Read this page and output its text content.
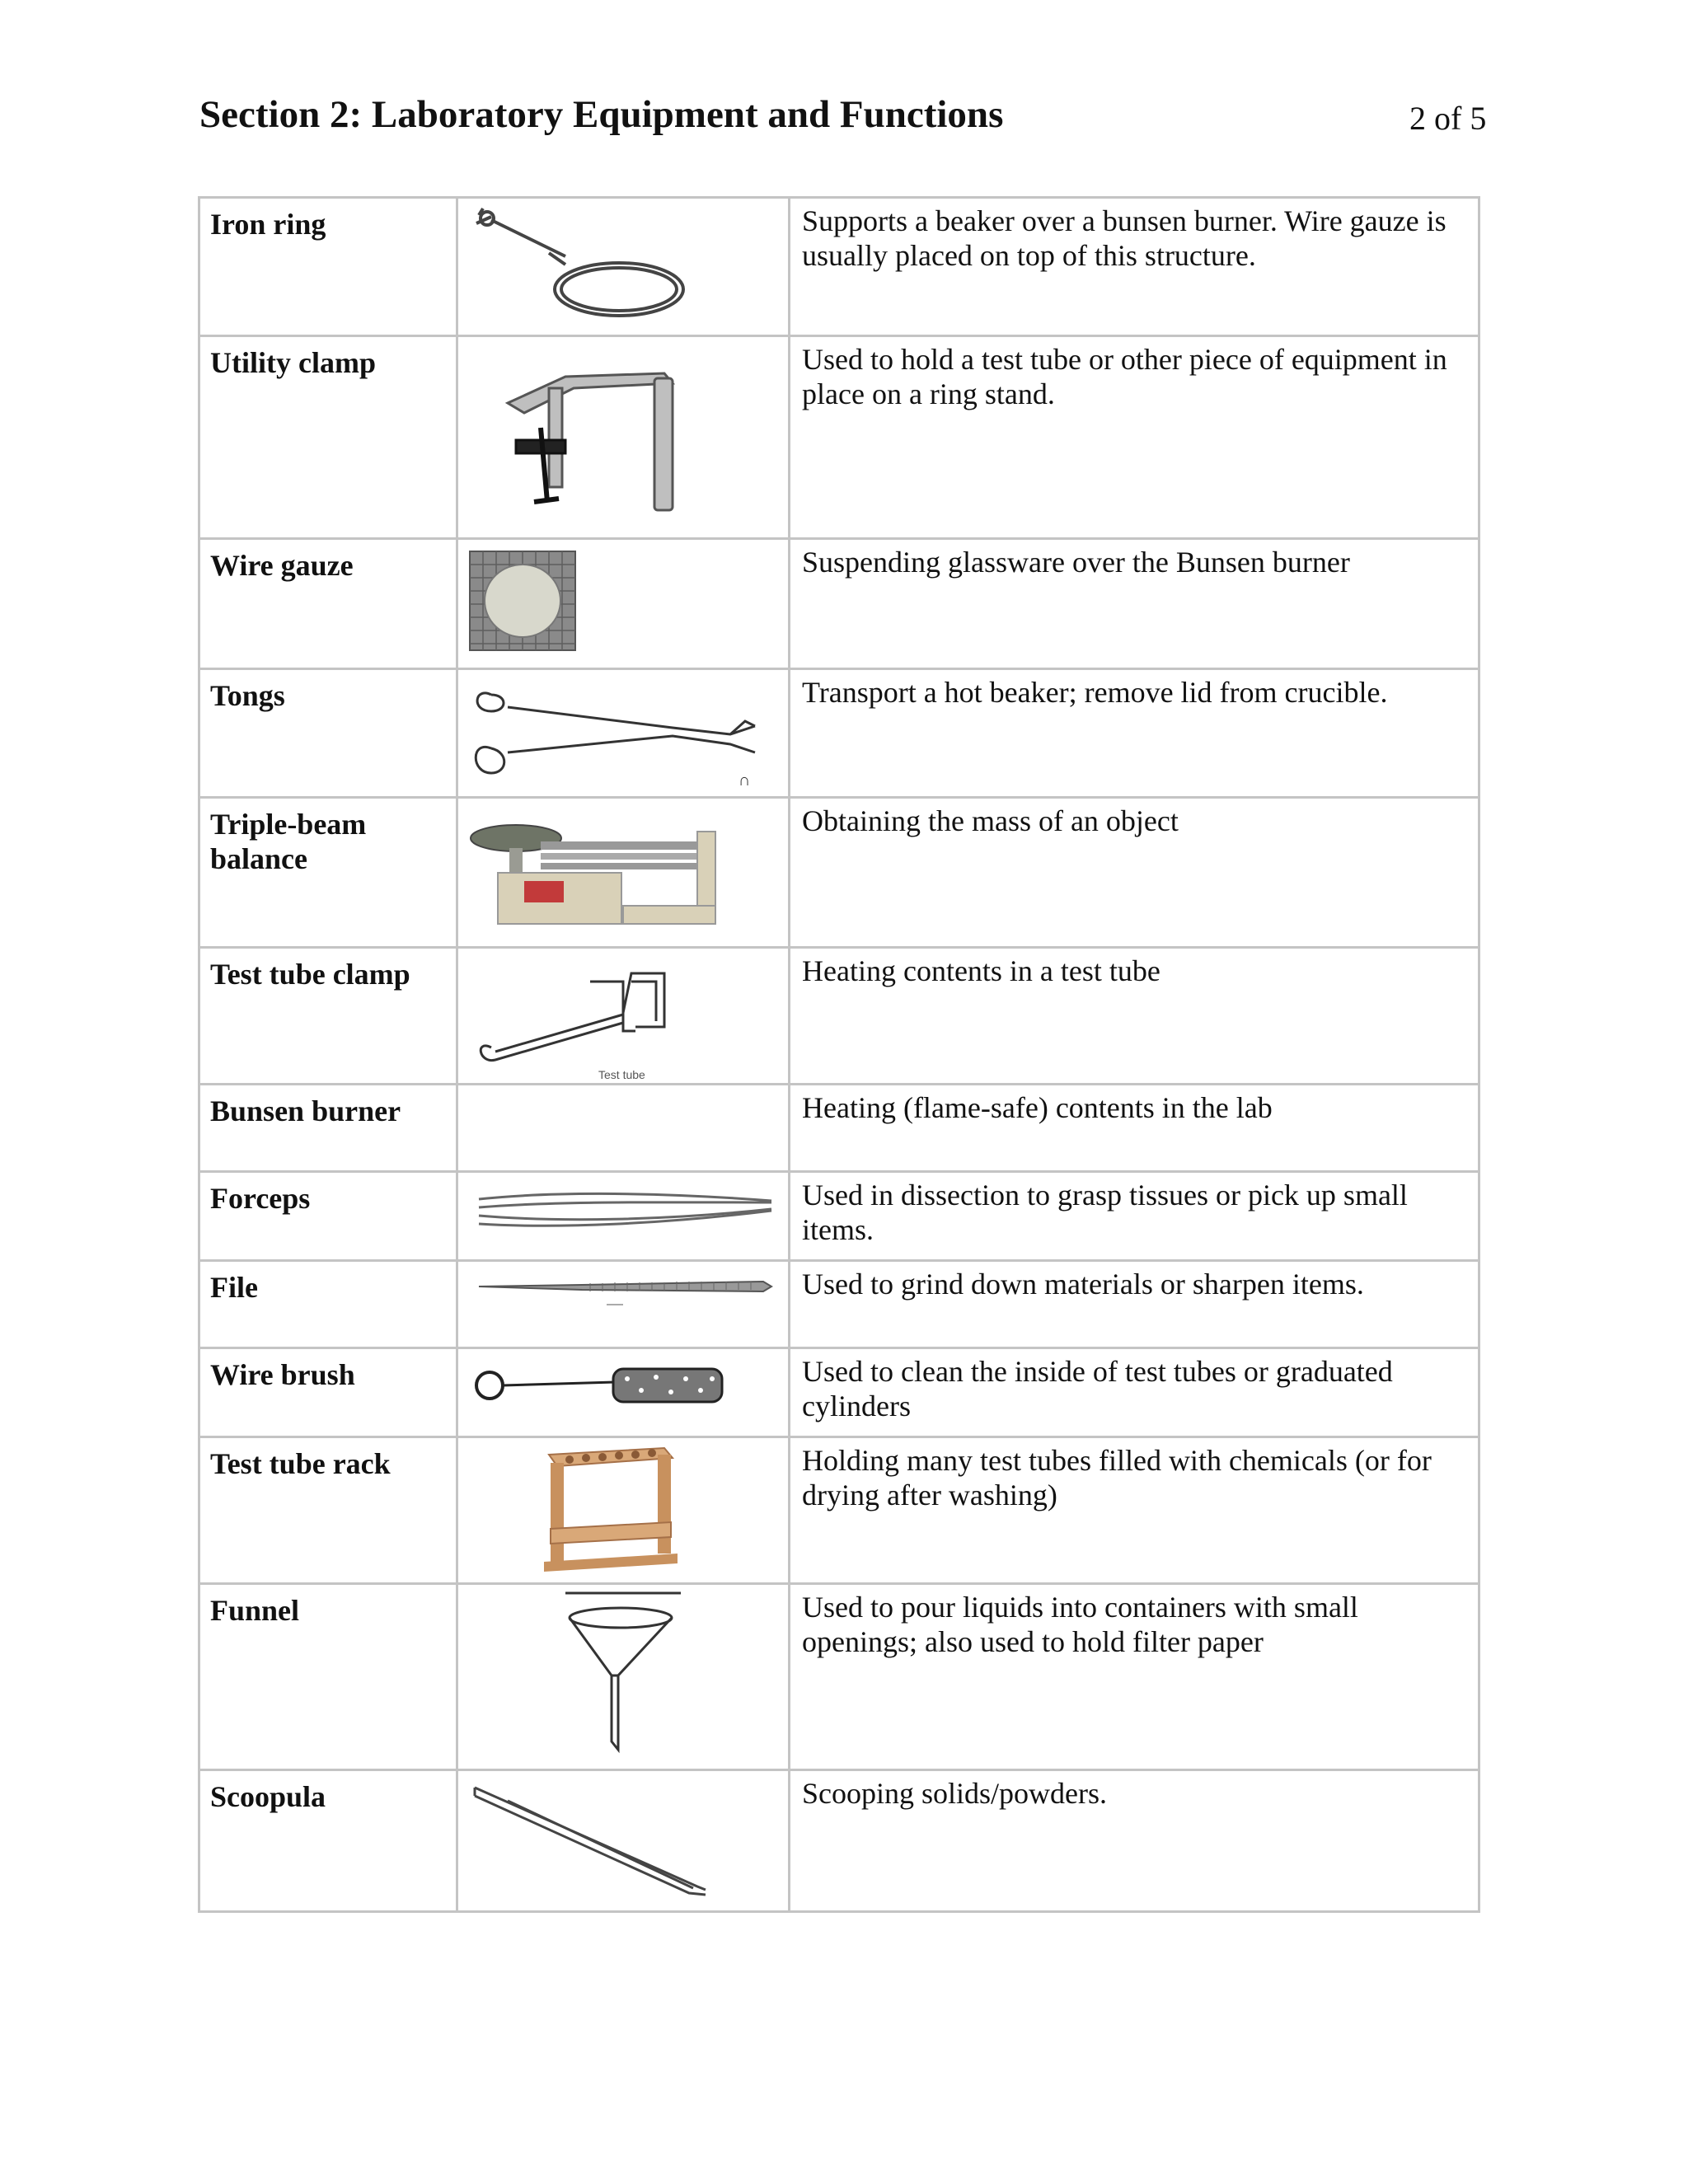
Section 2: Laboratory Equipment and Functions	2 of 5
Iron ring		Supports a beaker over a bunsen burner. Wire gauze is usually placed on top of this structure.
Utility clamp		Used to hold a test tube or other piece of equipment in place on a ring stand.
Wire gauze		Suspending glassware over the Bunsen burner
Tongs	∩	Transport a hot beaker; remove lid from crucible.
Triple-beam balance		Obtaining the mass of an object
Test tube clamp	Test tube	Heating contents in a test tube
Bunsen burner		Heating (flame-safe) contents in the lab
Forceps		Used in dissection to grasp tissues or pick up small items.
File		Used to grind down materials or sharpen items.
Wire brush		Used to clean the inside of test tubes or graduated cylinders
Test tube rack		Holding many test tubes filled with chemicals (or for drying after washing)
Funnel		Used to pour liquids into containers with small openings; also used to hold filter paper
Scoopula		Scooping solids/powders.
